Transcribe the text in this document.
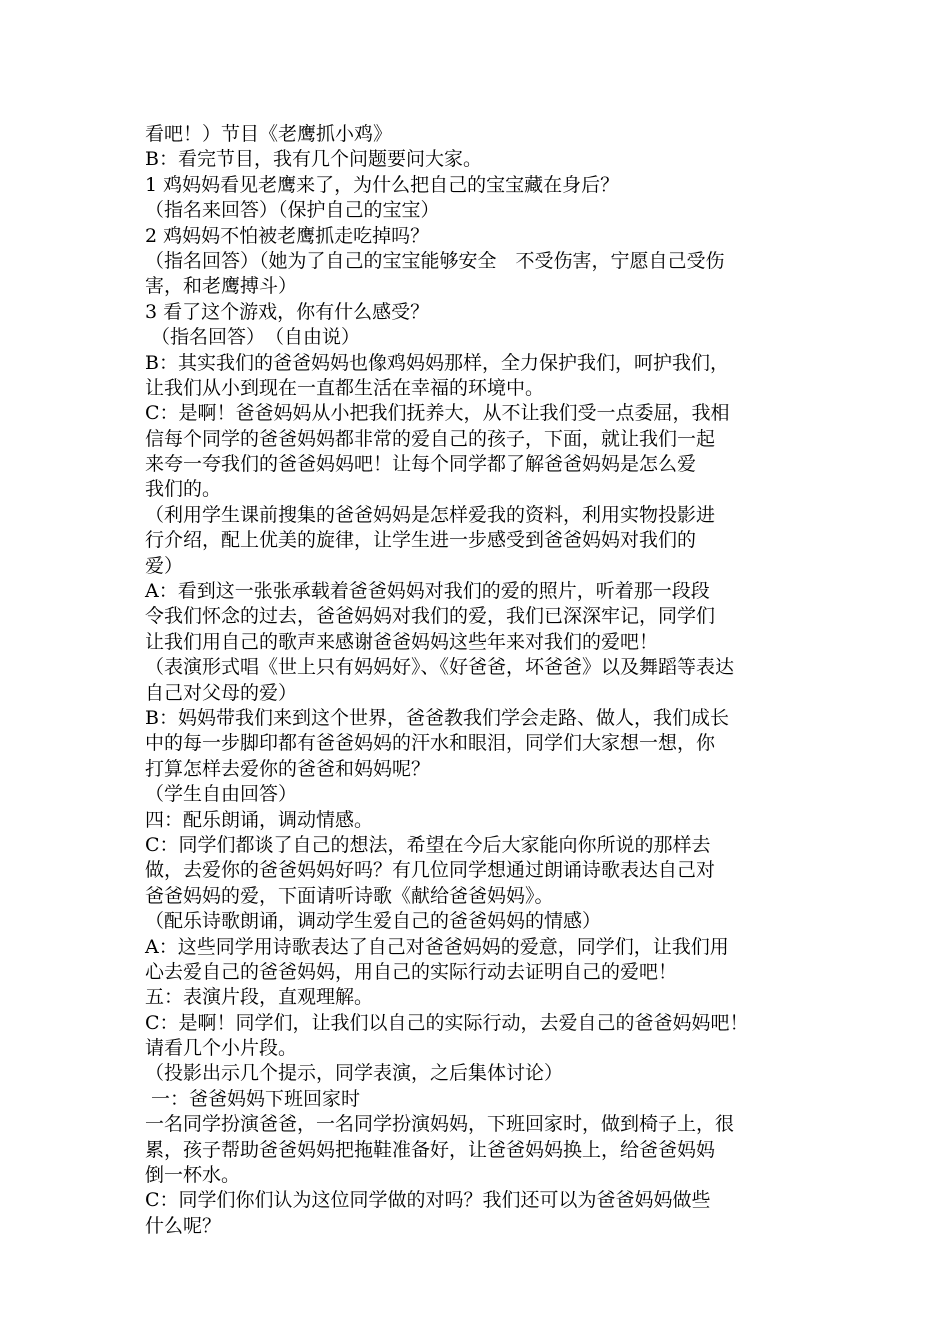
看吧！）节目《老鹰抓小鸡》
B：看完节目，我有几个问题要问大家。
1 鸡妈妈看见老鹰来了，为什么把自己的宝宝藏在身后？
（指名来回答）（保护自己的宝宝）
2 鸡妈妈不怕被老鹰抓走吃掉吗？
（指名回答）（她为了自己的宝宝能够安全　不受伤害，宁愿自己受伤
害，和老鹰搏斗）
3 看了这个游戏，你有什么感受？
（指名回答）　（自由说）
B：其实我们的爸爸妈妈也像鸡妈妈那样，全力保护我们，呵护我们，
让我们从小到现在一直都生活在幸福的环境中。
C：是啊！爸爸妈妈从小把我们抚养大，从不让我们受一点委屈，我相
信每个同学的爸爸妈妈都非常的爱自己的孩子，下面，就让我们一起
来夸一夸我们的爸爸妈妈吧！让每个同学都了解爸爸妈妈是怎么爱
我们的。
（利用学生课前搜集的爸爸妈妈是怎样爱我的资料，利用实物投影进
行介绍，配上优美的旋律，让学生进一步感受到爸爸妈妈对我们的
爱）
A：看到这一张张承载着爸爸妈妈对我们的爱的照片，听着那一段段
令我们怀念的过去，爸爸妈妈对我们的爱，我们已深深牢记，同学们
让我们用自己的歌声来感谢爸爸妈妈这些年来对我们的爱吧！
（表演形式唱《世上只有妈妈好》、《好爸爸，坏爸爸》以及舞蹈等表达
自己对父母的爱）
B：妈妈带我们来到这个世界，爸爸教我们学会走路、做人，我们成长
中的每一步脚印都有爸爸妈妈的汗水和眼泪，同学们大家想一想，你
打算怎样去爱你的爸爸和妈妈呢？
（学生自由回答）
四：配乐朗诵，调动情感。
C：同学们都谈了自己的想法，希望在今后大家能向你所说的那样去
做，去爱你的爸爸妈妈好吗？有几位同学想通过朗诵诗歌表达自己对
爸爸妈妈的爱，下面请听诗歌《献给爸爸妈妈》。
（配乐诗歌朗诵，调动学生爱自己的爸爸妈妈的情感）
A：这些同学用诗歌表达了自己对爸爸妈妈的爱意，同学们，让我们用
心去爱自己的爸爸妈妈，用自己的实际行动去证明自己的爱吧！
五：表演片段，直观理解。
C：是啊！同学们，让我们以自己的实际行动，去爱自己的爸爸妈妈吧！
请看几个小片段。
（投影出示几个提示，同学表演，之后集体讨论）
一：爸爸妈妈下班回家时
一名同学扮演爸爸，一名同学扮演妈妈，下班回家时，做到椅子上，很
累，孩子帮助爸爸妈妈把拖鞋准备好，让爸爸妈妈换上，给爸爸妈妈
倒一杯水。
C：同学们你们认为这位同学做的对吗？我们还可以为爸爸妈妈做些
什么呢？
